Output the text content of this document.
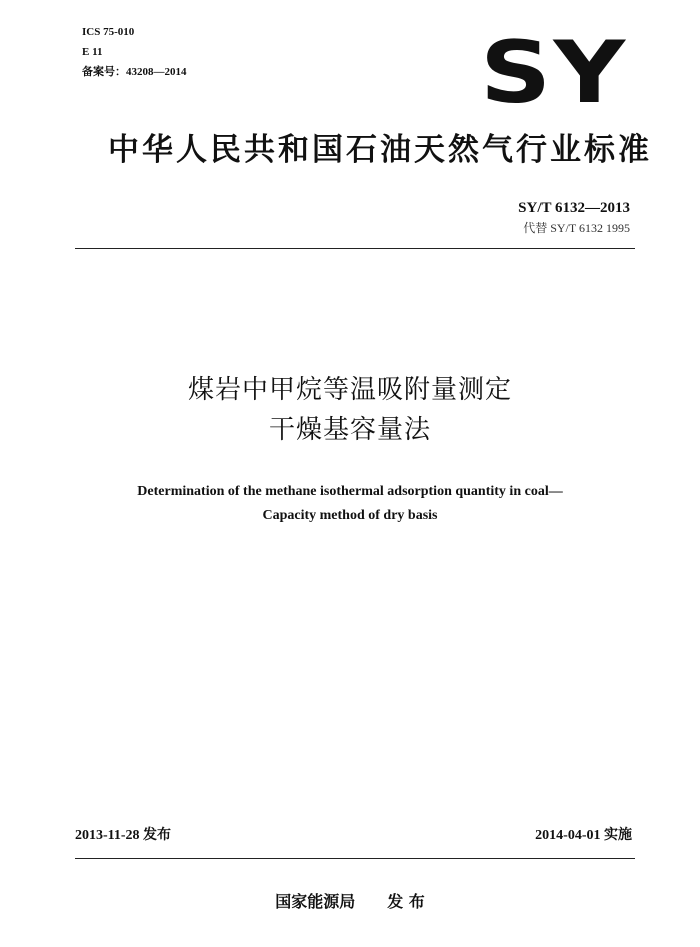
ICS 75-010
E 11
备案号：43208—2014	SY
中华人民共和国石油天然气行业标准
SY/T 6132—2013
代替 SY/T 6132 1995
煤岩中甲烷等温吸附量测定
干燥基容量法
Determination of the methane isothermal adsorption quantity in coal—
Capacity method of dry basis
2013-11-28 发布	2014-04-01 实施
国家能源局 发 布
